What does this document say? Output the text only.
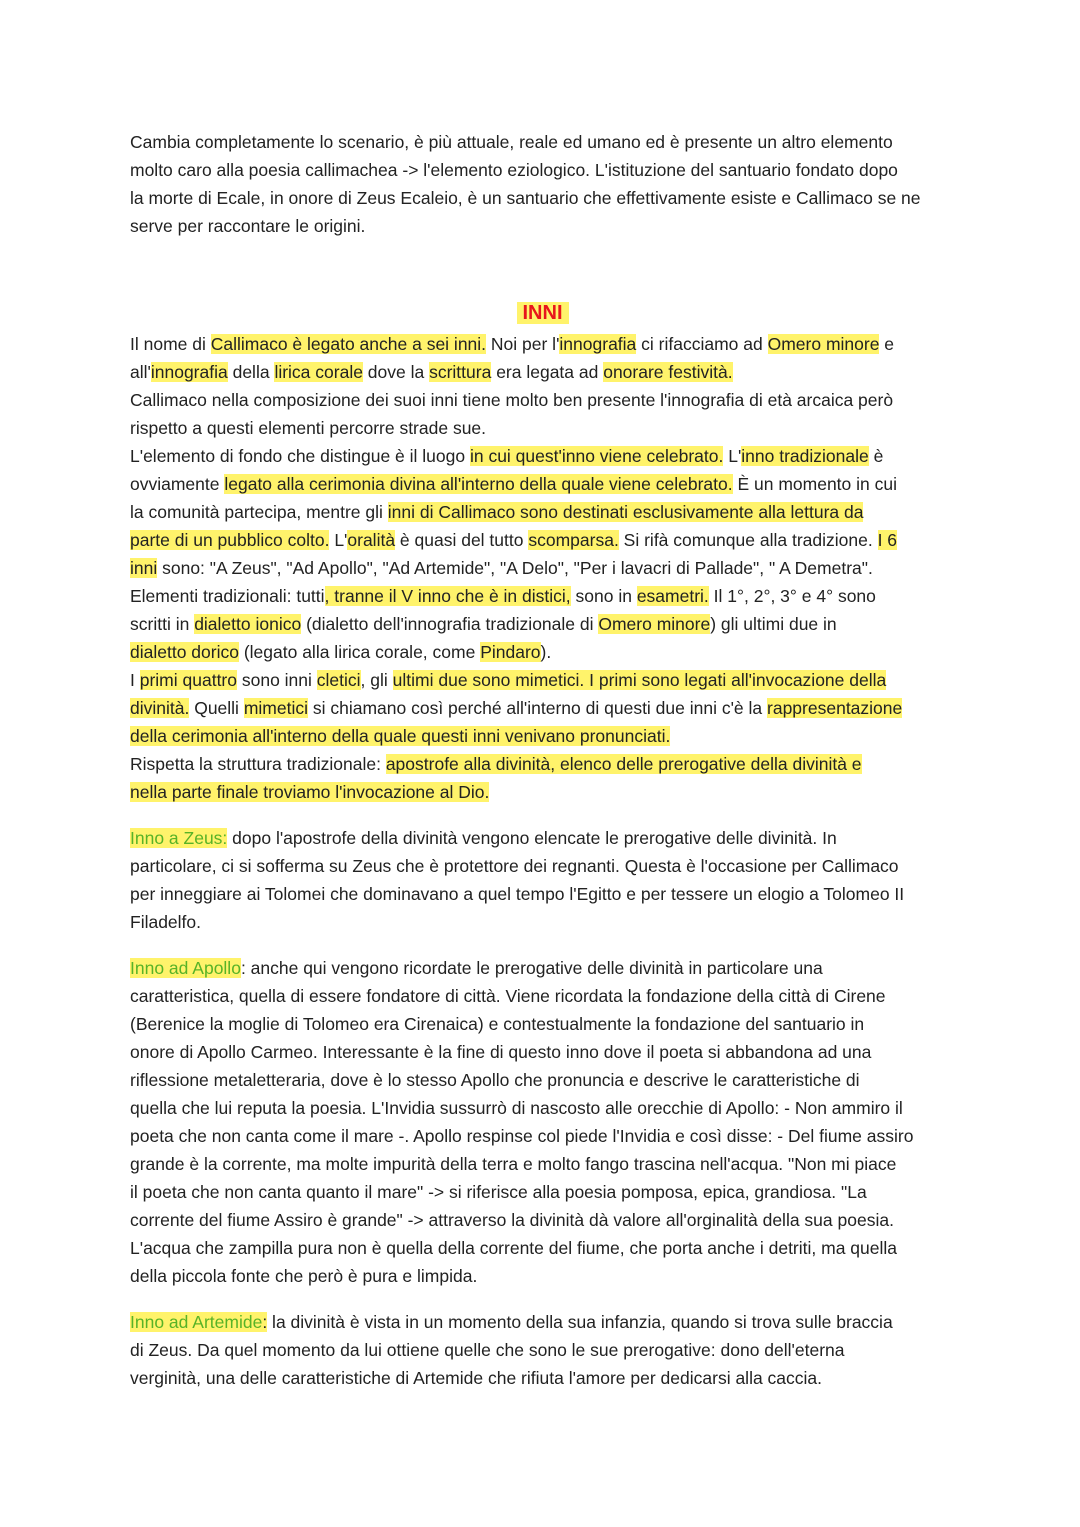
Cambia completamente lo scenario, è più attuale, reale ed umano ed è presente un altro elemento
molto caro alla poesia callimachea -> l'elemento eziologico. L'istituzione del santuario fondato dopo
la morte di Ecale, in onore di Zeus Ecaleio, è un santuario che effettivamente esiste e Callimaco se ne
serve per raccontare le origini.
INNI
Il nome di Callimaco è legato anche a sei inni. Noi per l'innografia ci rifacciamo ad Omero minore e
all'innografia della lirica corale dove la scrittura era legata ad onorare festività.
Callimaco nella composizione dei suoi inni tiene molto ben presente l'innografia di età arcaica però
rispetto a questi elementi percorre strade sue.
L'elemento di fondo che distingue è il luogo in cui quest'inno viene celebrato. L'inno tradizionale è
ovviamente legato alla cerimonia divina all'interno della quale viene celebrato. È un momento in cui
la comunità partecipa, mentre gli inni di Callimaco sono destinati esclusivamente alla lettura da
parte di un pubblico colto. L'oralità è quasi del tutto scomparsa. Si rifà comunque alla tradizione. I 6
inni sono: "A Zeus", "Ad Apollo", "Ad Artemide", "A Delo", "Per i lavacri di Pallade", " A Demetra".
Elementi tradizionali: tutti, tranne il V inno che è in distici, sono in esametri. Il 1°, 2°, 3° e 4° sono
scritti in dialetto ionico (dialetto dell'innografia tradizionale di Omero minore) gli ultimi due in
dialetto dorico (legato alla lirica corale, come Pindaro).
I primi quattro sono inni cletici, gli ultimi due sono mimetici. I primi sono legati all'invocazione della
divinità. Quelli mimetici si chiamano così perché all'interno di questi due inni c'è la rappresentazione
della cerimonia all'interno della quale questi inni venivano pronunciati.
Rispetta la struttura tradizionale: apostrofe alla divinità, elenco delle prerogative della divinità e
nella parte finale troviamo l'invocazione al Dio.
Inno a Zeus: dopo l'apostrofe della divinità vengono elencate le prerogative delle divinità. In
particolare, ci si sofferma su Zeus che è protettore dei regnanti. Questa è l'occasione per Callimaco
per inneggiare ai Tolomei che dominavano a quel tempo l'Egitto e per tessere un elogio a Tolomeo II
Filadelfo.
Inno ad Apollo: anche qui vengono ricordate le prerogative delle divinità in particolare una
caratteristica, quella di essere fondatore di città. Viene ricordata la fondazione della città di Cirene
(Berenice la moglie di Tolomeo era Cirenaica) e contestualmente la fondazione del santuario in
onore di Apollo Carmeo. Interessante è la fine di questo inno dove il poeta si abbandona ad una
riflessione metaletteraria, dove è lo stesso Apollo che pronuncia e descrive le caratteristiche di
quella che lui reputa la poesia. L'Invidia sussurrò di nascosto alle orecchie di Apollo: - Non ammiro il
poeta che non canta come il mare -. Apollo respinse col piede l'Invidia e così disse: - Del fiume assiro
grande è la corrente, ma molte impurità della terra e molto fango trascina nell'acqua. "Non mi piace
il poeta che non canta quanto il mare" -> si riferisce alla poesia pomposa, epica, grandiosa. "La
corrente del fiume Assiro è grande" -> attraverso la divinità dà valore all'orginalità della sua poesia.
L'acqua che zampilla pura non è quella della corrente del fiume, che porta anche i detriti, ma quella
della piccola fonte che però è pura e limpida.
Inno ad Artemide: la divinità è vista in un momento della sua infanzia, quando si trova sulle braccia
di Zeus. Da quel momento da lui ottiene quelle che sono le sue prerogative: dono dell'eterna
verginità, una delle caratteristiche di Artemide che rifiuta l'amore per dedicarsi alla caccia.
